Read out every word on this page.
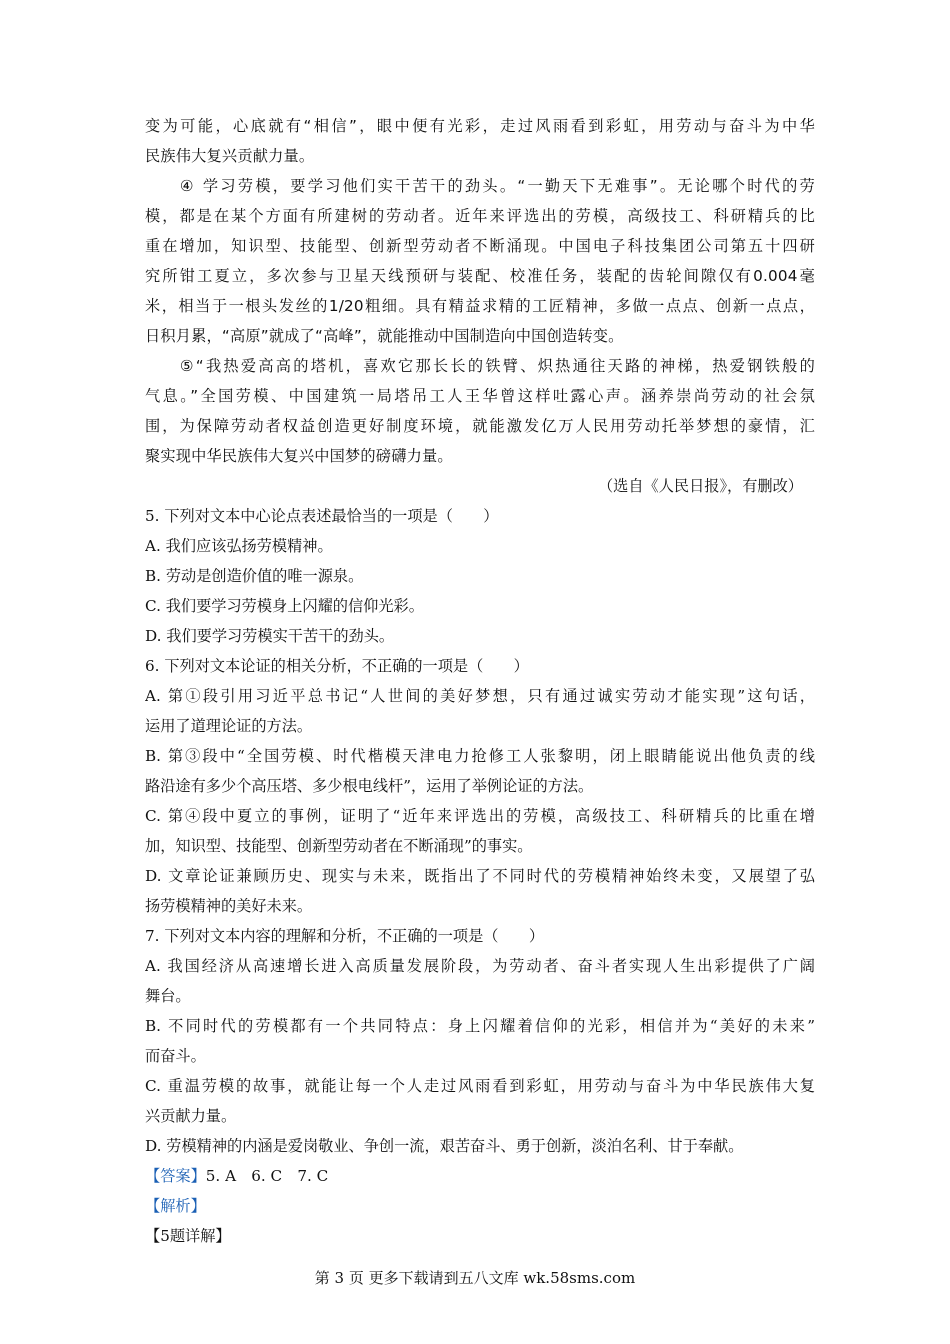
变为可能，心底就有“相信”，眼中便有光彩，走过风雨看到彩虹，用劳动与奋斗为中华
民族伟大复兴贡献力量。
　　④ 学习劳模，要学习他们实干苦干的劲头。“一勤天下无难事”。无论哪个时代的劳
模，都是在某个方面有所建树的劳动者。近年来评选出的劳模，高级技工、科研精兵的比
重在增加，知识型、技能型、创新型劳动者不断涌现。中国电子科技集团公司第五十四研
究所钳工夏立，多次参与卫星天线预研与装配、校准任务，装配的齿轮间隙仅有0.004毫
米，相当于一根头发丝的1/20粗细。具有精益求精的工匠精神，多做一点点、创新一点点，
日积月累，“高原”就成了“高峰”，就能推动中国制造向中国创造转变。
　　⑤“我热爱高高的塔机，喜欢它那长长的铁臂、炽热通往天路的神梯，热爱钢铁般的
气息。”全国劳模、中国建筑一局塔吊工人王华曾这样吐露心声。涵养崇尚劳动的社会氛
围，为保障劳动者权益创造更好制度环境，就能激发亿万人民用劳动托举梦想的豪情，汇
聚实现中华民族伟大复兴中国梦的磅礴力量。
（选自《人民日报》，有删改）
5. 下列对文本中心论点表述最恰当的一项是（　　）
A. 我们应该弘扬劳模精神。
B. 劳动是创造价值的唯一源泉。
C. 我们要学习劳模身上闪耀的信仰光彩。
D. 我们要学习劳模实干苦干的劲头。
6. 下列对文本论证的相关分析，不正确的一项是（　　）
A. 第①段引用习近平总书记“人世间的美好梦想，只有通过诚实劳动才能实现”这句话，
运用了道理论证的方法。
B. 第③段中“全国劳模、时代楷模天津电力抢修工人张黎明，闭上眼睛能说出他负责的线
路沿途有多少个高压塔、多少根电线杆”，运用了举例论证的方法。
C. 第④段中夏立的事例，证明了“近年来评选出的劳模，高级技工、科研精兵的比重在增
加，知识型、技能型、创新型劳动者在不断涌现”的事实。
D. 文章论证兼顾历史、现实与未来，既指出了不同时代的劳模精神始终未变，又展望了弘
扬劳模精神的美好未来。
7. 下列对文本内容的理解和分析，不正确的一项是（　　）
A. 我国经济从高速增长进入高质量发展阶段，为劳动者、奋斗者实现人生出彩提供了广阔
舞台。
B. 不同时代的劳模都有一个共同特点：身上闪耀着信仰的光彩，相信并为“美好的未来”
而奋斗。
C. 重温劳模的故事，就能让每一个人走过风雨看到彩虹，用劳动与奋斗为中华民族伟大复
兴贡献力量。
D. 劳模精神的内涵是爱岗敬业、争创一流，艰苦奋斗、勇于创新，淡泊名利、甘于奉献。
【答案】5. A　6. C　7. C
【解析】
【5题详解】
第 3 页 更多下载请到五八文库 wk.58sms.com
